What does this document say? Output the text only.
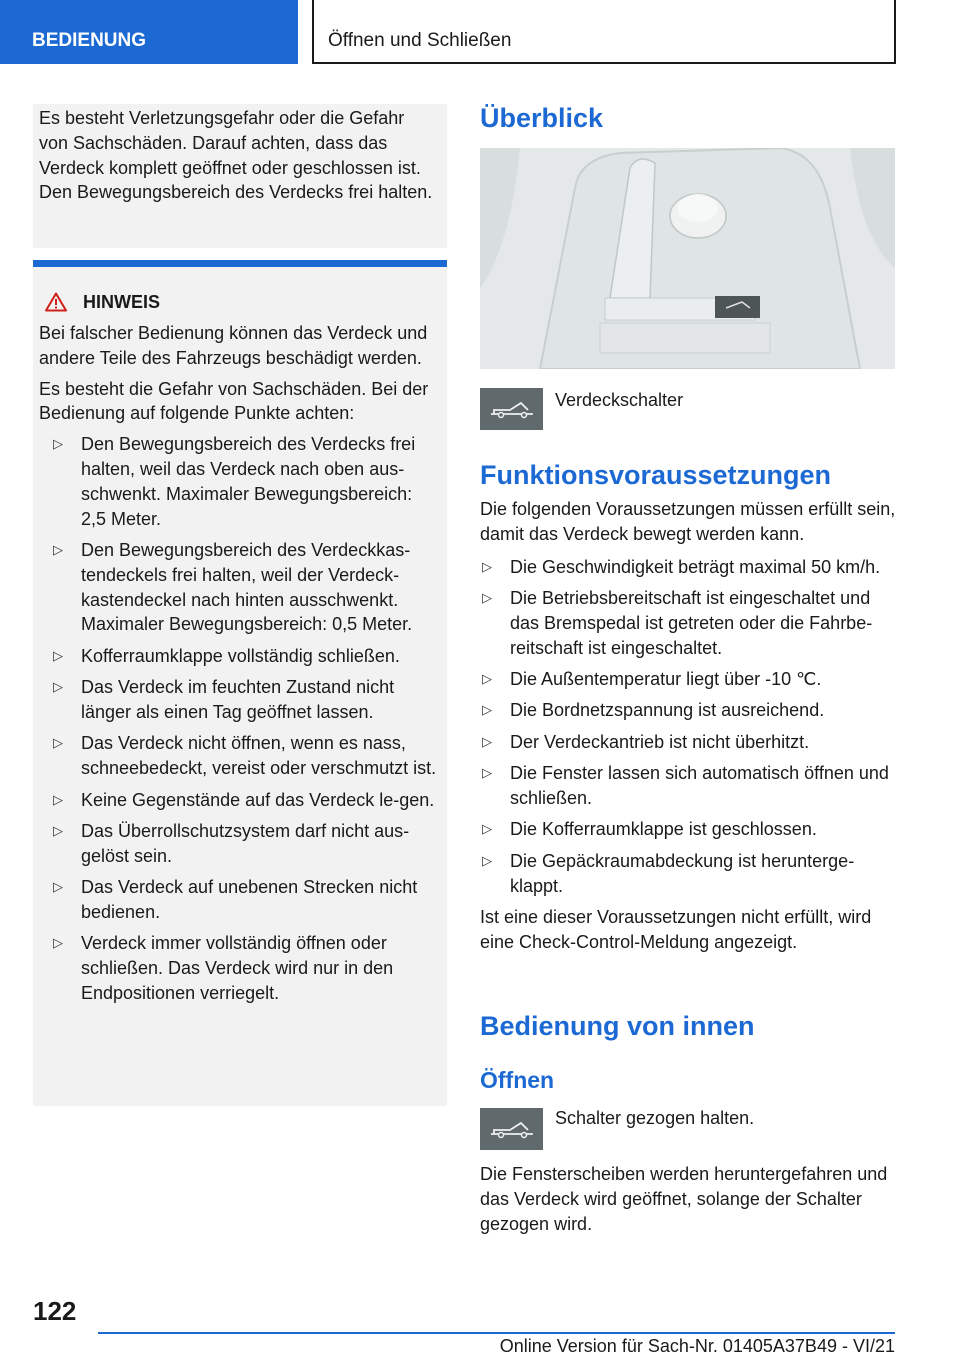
BEDIENUNG	Öffnen und Schließen

Es besteht Verletzungsgefahr oder die Gefahr von Sachschäden. Darauf achten, dass das Verdeck komplett geöffnet oder geschlossen ist. Den Bewegungsbereich des Verdecks frei halten.

HINWEIS

Bei falscher Bedienung können das Verdeck und andere Teile des Fahrzeugs beschädigt werden.

Es besteht die Gefahr von Sachschäden. Bei der Bedienung auf folgende Punkte achten:

▷ Den Bewegungsbereich des Verdecks frei halten, weil das Verdeck nach oben aus-schwenkt. Maximaler Bewegungsbereich: 2,5 Meter.
▷ Den Bewegungsbereich des Verdeckkas-tendeckels frei halten, weil der Verdeck-kastendeckel nach hinten ausschwenkt. Maximaler Bewegungsbereich: 0,5 Meter.
▷ Kofferraumklappe vollständig schließen.
▷ Das Verdeck im feuchten Zustand nicht länger als einen Tag geöffnet lassen.
▷ Das Verdeck nicht öffnen, wenn es nass, schneebedeckt, vereist oder verschmutzt ist.
▷ Keine Gegenstände auf das Verdeck le-gen.
▷ Das Überrollschutzsystem darf nicht aus-gelöst sein.
▷ Das Verdeck auf unebenen Strecken nicht bedienen.
▷ Verdeck immer vollständig öffnen oder schließen. Das Verdeck wird nur in den Endpositionen verriegelt.
Überblick

Verdeckschalter

Funktionsvoraussetzungen

Die folgenden Voraussetzungen müssen erfüllt sein, damit das Verdeck bewegt werden kann.

▷ Die Geschwindigkeit beträgt maximal 50 km/h.
▷ Die Betriebsbereitschaft ist eingeschaltet und das Bremspedal ist getreten oder die Fahrbe-reitschaft ist eingeschaltet.
▷ Die Außentemperatur liegt über -10 ℃.
▷ Die Bordnetzspannung ist ausreichend.
▷ Der Verdeckantrieb ist nicht überhitzt.
▷ Die Fenster lassen sich automatisch öffnen und schließen.
▷ Die Kofferraumklappe ist geschlossen.
▷ Die Gepäckraumabdeckung ist herunterge-klappt.

Ist eine dieser Voraussetzungen nicht erfüllt, wird eine Check-Control-Meldung angezeigt.

Bedienung von innen
Öffnen

Schalter gezogen halten.

Die Fensterscheiben werden heruntergefahren und das Verdeck wird geöffnet, solange der Schalter gezogen wird.

122
Online Version für Sach-Nr. 01405A37B49 - VI/21
